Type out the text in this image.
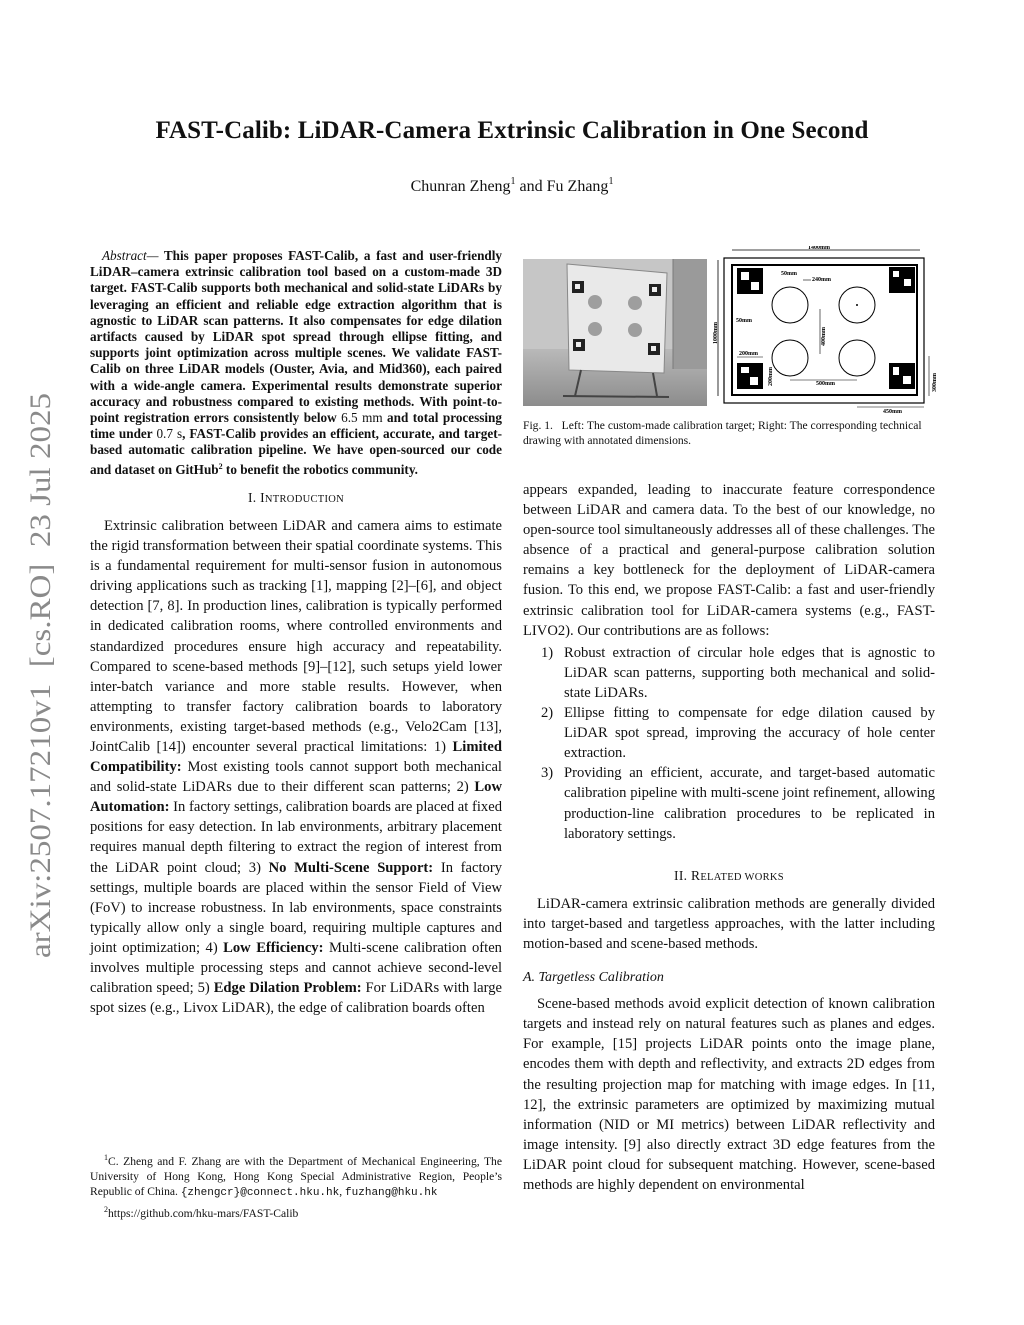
FAST-Calib: LiDAR-Camera Extrinsic Calibration in One Second
Chunran Zheng$^1$ and Fu Zhang$^1$
arXiv:2507.17210v1  [cs.RO]  23 Jul 2025

Abstract— This paper proposes FAST-Calib, a fast and user-friendly LiDAR–camera extrinsic calibration tool based on a custom-made 3D target. FAST-Calib supports both mechanical and solid-state LiDARs by leveraging an efficient and reliable edge extraction algorithm that is agnostic to LiDAR scan patterns. It also compensates for edge dilation artifacts caused by LiDAR spot spread through ellipse fitting, and supports joint optimization across multiple scenes. We validate FAST-Calib on three LiDAR models (Ouster, Avia, and Mid360), each paired with a wide-angle camera. Experimental results demonstrate superior accuracy and robustness compared to existing methods. With point-to-point registration errors consistently below 6.5 mm and total processing time under 0.7 s, FAST-Calib provides an efficient, accurate, and target-based automatic calibration pipeline. We have open-sourced our code and dataset on GitHub$^2$ to benefit the robotics community.

I. INTRODUCTION

Extrinsic calibration between LiDAR and camera aims to estimate the rigid transformation between their spatial coordinate systems. This is a fundamental requirement for multi-sensor fusion in autonomous driving applications such as tracking [1], mapping [2]–[6], and object detection [7, 8]. In production lines, calibration is typically performed in dedicated calibration rooms, where controlled environments and standardized procedures ensure high accuracy and repeatability. Compared to scene-based methods [9]–[12], such setups yield lower inter-batch variance and more stable results. However, when attempting to transfer factory calibration boards to laboratory environments, existing target-based methods (e.g., Velo2Cam [13], JointCalib [14]) encounter several practical limitations: 1) Limited Compatibility: Most existing tools cannot support both mechanical and solid-state LiDARs due to their different scan patterns; 2) Low Automation: In factory settings, calibration boards are placed at fixed positions for easy detection. In lab environments, arbitrary placement requires manual depth filtering to extract the region of interest from the LiDAR point cloud; 3) No Multi-Scene Support: In factory settings, multiple boards are placed within the sensor Field of View (FoV) to increase robustness. In lab environments, space constraints typically allow only a single board, requiring multiple captures and joint optimization; 4) Low Efficiency: Multi-scene calibration often involves multiple processing steps and cannot achieve second-level calibration speed; 5) Edge Dilation Problem: For LiDARs with large spot sizes (e.g., Livox LiDAR), the edge of calibration boards often

$^1$C. Zheng and F. Zhang are with the Department of Mechanical Engineering, The University of Hong Kong, Hong Kong Special Administrative Region, People’s Republic of China. {zhengcr}@connect.hku.hk, fuzhang@hku.hk

$^2$https://github.com/hku-mars/FAST-Calib

1400mm
1000mm
50mm
240mm
50mm
400mm
200mm
200mm	500mm	300mm
450mm
Fig. 1. Left: The custom-made calibration target; Right: The corresponding technical drawing with annotated dimensions.

appears expanded, leading to inaccurate feature correspondence between LiDAR and camera data. To the best of our knowledge, no open-source tool simultaneously addresses all of these challenges. The absence of a practical and general-purpose calibration solution remains a key bottleneck for the deployment of LiDAR-camera fusion. To this end, we propose FAST-Calib: a fast and user-friendly extrinsic calibration tool for LiDAR-camera systems (e.g., FAST-LIVO2). Our contributions are as follows:

1) Robust extraction of circular hole edges that is agnostic to LiDAR scan patterns, supporting both mechanical and solid-state LiDARs.
2) Ellipse fitting to compensate for edge dilation caused by LiDAR spot spread, improving the accuracy of hole center extraction.
3) Providing an efficient, accurate, and target-based automatic calibration pipeline with multi-scene joint refinement, allowing production-line calibration procedures to be replicated in laboratory settings.
II. RELATED WORKS

LiDAR-camera extrinsic calibration methods are generally divided into target-based and targetless approaches, with the latter including motion-based and scene-based methods.

A. Targetless Calibration

Scene-based methods avoid explicit detection of known calibration targets and instead rely on natural features such as planes and edges. For example, [15] projects LiDAR points onto the image plane, encodes them with depth and reflectivity, and extracts 2D edges from the resulting projection map for matching with image edges. In [11, 12], the extrinsic parameters are optimized by maximizing mutual information (NID or MI metrics) between LiDAR reflectivity and image intensity. [9] also directly extract 3D edge features from the LiDAR point cloud for subsequent matching. However, scene-based methods are highly dependent on environmental
